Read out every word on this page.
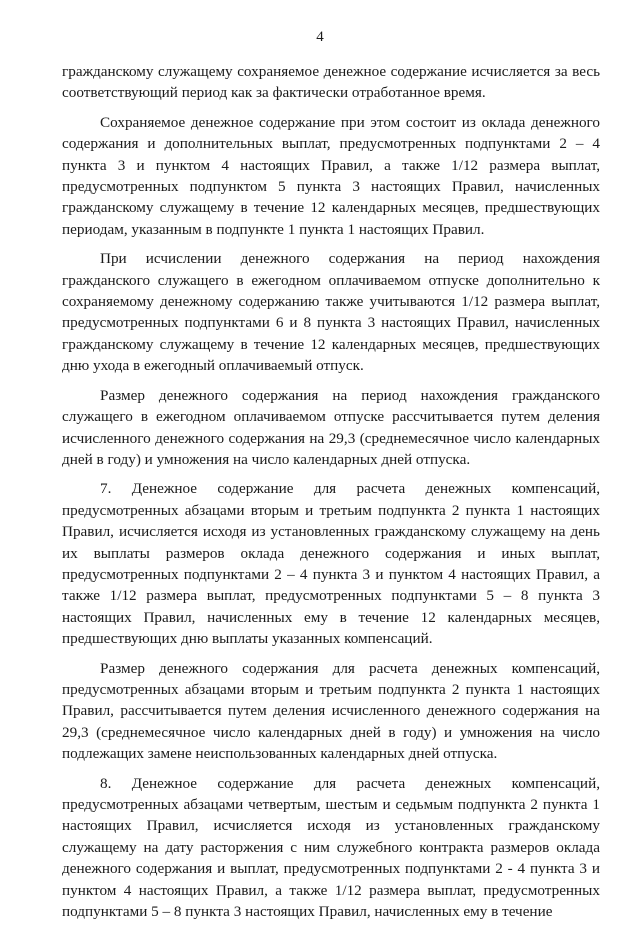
4

гражданскому служащему сохраняемое денежное содержание исчисляется за весь соответствующий период как за фактически отработанное время.

Сохраняемое денежное содержание при этом состоит из оклада денежного содержания и дополнительных выплат, предусмотренных подпунктами 2 – 4 пункта 3 и пунктом 4 настоящих Правил, а также 1/12 размера выплат, предусмотренных подпунктом 5 пункта 3 настоящих Правил, начисленных гражданскому служащему в течение 12 календарных месяцев, предшествующих периодам, указанным в подпункте 1 пункта 1 настоящих Правил.

При исчислении денежного содержания на период нахождения гражданского служащего в ежегодном оплачиваемом отпуске дополнительно к сохраняемому денежному содержанию также учитываются 1/12 размера выплат, предусмотренных подпунктами 6 и 8 пункта 3 настоящих Правил, начисленных гражданскому служащему в течение 12 календарных месяцев, предшествующих дню ухода в ежегодный оплачиваемый отпуск.

Размер денежного содержания на период нахождения гражданского служащего в ежегодном оплачиваемом отпуске рассчитывается путем деления исчисленного денежного содержания на 29,3 (среднемесячное число календарных дней в году) и умножения на число календарных дней отпуска.

7. Денежное содержание для расчета денежных компенсаций, предусмотренных абзацами вторым и третьим подпункта 2 пункта 1 настоящих Правил, исчисляется исходя из установленных гражданскому служащему на день их выплаты размеров оклада денежного содержания и иных выплат, предусмотренных подпунктами 2 – 4 пункта 3 и пунктом 4 настоящих Правил, а также 1/12 размера выплат, предусмотренных подпунктами 5 – 8 пункта 3 настоящих Правил, начисленных ему в течение 12 календарных месяцев, предшествующих дню выплаты указанных компенсаций.

Размер денежного содержания для расчета денежных компенсаций, предусмотренных абзацами вторым и третьим подпункта 2 пункта 1 настоящих Правил, рассчитывается путем деления исчисленного денежного содержания на 29,3 (среднемесячное число календарных дней в году) и умножения на число подлежащих замене неиспользованных календарных дней отпуска.

8. Денежное содержание для расчета денежных компенсаций, предусмотренных абзацами четвертым, шестым и седьмым подпункта 2 пункта 1 настоящих Правил, исчисляется исходя из установленных гражданскому служащему на дату расторжения с ним служебного контракта размеров оклада денежного содержания и выплат, предусмотренных подпунктами 2 - 4 пункта 3 и пунктом 4 настоящих Правил, а также 1/12 размера выплат, предусмотренных подпунктами 5 – 8 пункта 3 настоящих Правил, начисленных ему в течение
